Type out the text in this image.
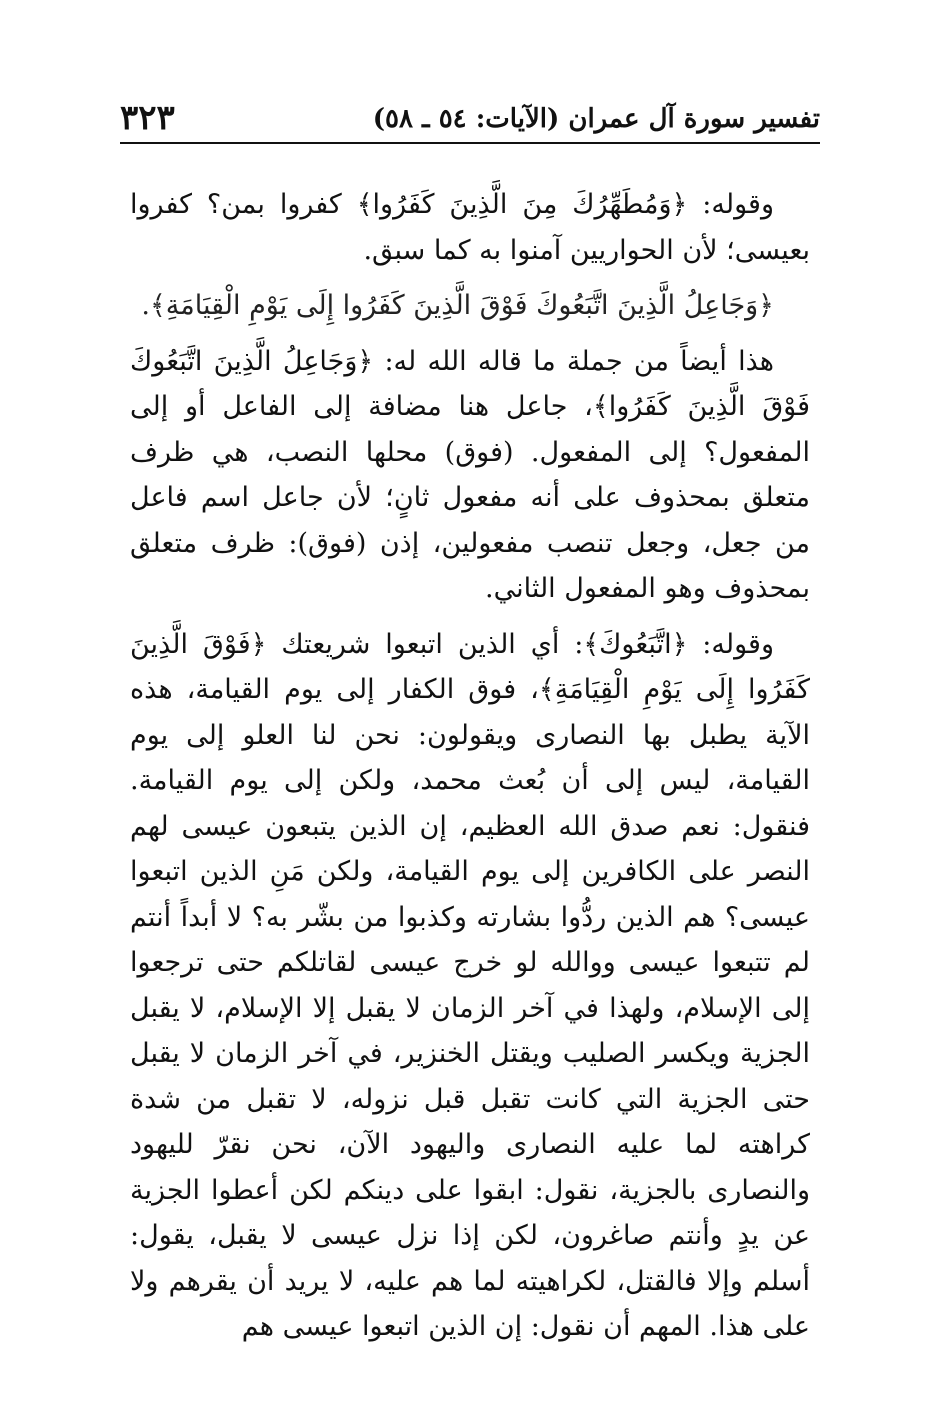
تفسير سورة آل عمران (الآيات: ٥٤ ـ ٥٨)
٣٢٣

وقوله: ﴿وَمُطَهِّرُكَ مِنَ الَّذِينَ كَفَرُوا﴾ كفروا بمن؟ كفروا بعيسى؛ لأن الحواريين آمنوا به كما سبق.

﴿وَجَاعِلُ الَّذِينَ اتَّبَعُوكَ فَوْقَ الَّذِينَ كَفَرُوا إِلَى يَوْمِ الْقِيَامَةِ﴾.

هذا أيضاً من جملة ما قاله الله له: ﴿وَجَاعِلُ الَّذِينَ اتَّبَعُوكَ فَوْقَ الَّذِينَ كَفَرُوا﴾، جاعل هنا مضافة إلى الفاعل أو إلى المفعول؟ إلى المفعول. (فوق) محلها النصب، هي ظرف متعلق بمحذوف على أنه مفعول ثانٍ؛ لأن جاعل اسم فاعل من جعل، وجعل تنصب مفعولين، إذن (فوق): ظرف متعلق بمحذوف وهو المفعول الثاني.

وقوله: ﴿اتَّبَعُوكَ﴾: أي الذين اتبعوا شريعتك ﴿فَوْقَ الَّذِينَ كَفَرُوا إِلَى يَوْمِ الْقِيَامَةِ﴾، فوق الكفار إلى يوم القيامة، هذه الآية يطبل بها النصارى ويقولون: نحن لنا العلو إلى يوم القيامة، ليس إلى أن بُعث محمد، ولكن إلى يوم القيامة. فنقول: نعم صدق الله العظيم، إن الذين يتبعون عيسى لهم النصر على الكافرين إلى يوم القيامة، ولكن مَنِ الذين اتبعوا عيسى؟ هم الذين ردُّوا بشارته وكذبوا من بشّر به؟ لا أبداً أنتم لم تتبعوا عيسى ووالله لو خرج عيسى لقاتلكم حتى ترجعوا إلى الإسلام، ولهذا في آخر الزمان لا يقبل إلا الإسلام، لا يقبل الجزية ويكسر الصليب ويقتل الخنزير، في آخر الزمان لا يقبل حتى الجزية التي كانت تقبل قبل نزوله، لا تقبل من شدة كراهته لما عليه النصارى واليهود الآن، نحن نقرّ لليهود والنصارى بالجزية، نقول: ابقوا على دينكم لكن أعطوا الجزية عن يدٍ وأنتم صاغرون، لكن إذا نزل عيسى لا يقبل، يقول: أسلم وإلا فالقتل، لكراهيته لما هم عليه، لا يريد أن يقرهم ولا على هذا. المهم أن نقول: إن الذين اتبعوا عيسى هم
